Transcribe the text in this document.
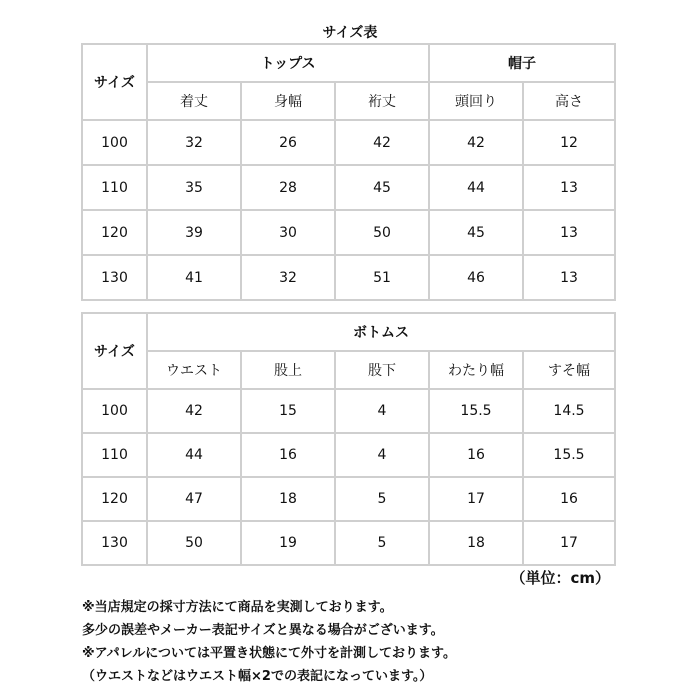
サイズ表
サイズ	トップス			帽子	
	着丈	身幅	裄丈	頭回り	高さ
100	32	26	42	42	12
110	35	28	45	44	13
120	39	30	50	45	13
130	41	32	51	46	13
サイズ	ボトムス				
	ウエスト	股上	股下	わたり幅	すそ幅
100	42	15	4	15.5	14.5
110	44	16	4	16	15.5
120	47	18	5	17	16
130	50	19	5	18	17
（単位：cm）
※当店規定の採寸方法にて商品を実測しております。
多少の誤差やメーカー表記サイズと異なる場合がございます。
※アパレルについては平置き状態にて外寸を計測しております。
（ウエストなどはウエスト幅×2での表記になっています。）
